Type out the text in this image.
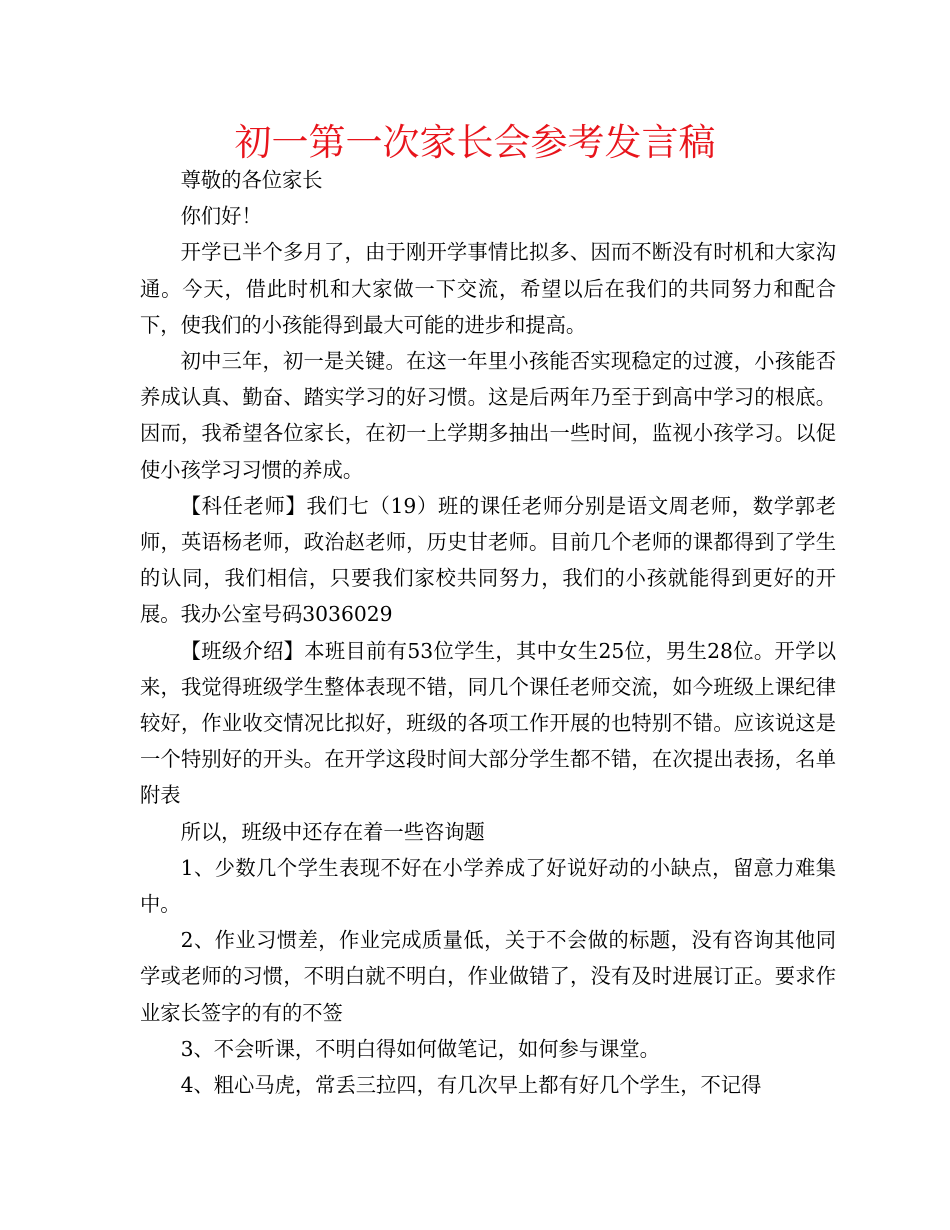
初一第一次家长会参考发言稿

尊敬的各位家长

你们好！

开学已半个多月了，由于刚开学事情比拟多、因而不断没有时机和大家沟通。今天，借此时机和大家做一下交流，希望以后在我们的共同努力和配合下，使我们的小孩能得到最大可能的进步和提高。

初中三年，初一是关键。在这一年里小孩能否实现稳定的过渡，小孩能否养成认真、勤奋、踏实学习的好习惯。这是后两年乃至于到高中学习的根底。因而，我希望各位家长，在初一上学期多抽出一些时间，监视小孩学习。以促使小孩学习习惯的养成。

【科任老师】我们七（19）班的课任老师分别是语文周老师，数学郭老师，英语杨老师，政治赵老师，历史甘老师。目前几个老师的课都得到了学生的认同，我们相信，只要我们家校共同努力，我们的小孩就能得到更好的开展。我办公室号码3036029

【班级介绍】本班目前有53位学生，其中女生25位，男生28位。开学以来，我觉得班级学生整体表现不错，同几个课任老师交流，如今班级上课纪律较好，作业收交情况比拟好，班级的各项工作开展的也特别不错。应该说这是一个特别好的开头。在开学这段时间大部分学生都不错，在次提出表扬，名单附表

所以，班级中还存在着一些咨询题

1、少数几个学生表现不好在小学养成了好说好动的小缺点，留意力难集中。

2、作业习惯差，作业完成质量低，关于不会做的标题，没有咨询其他同学或老师的习惯，不明白就不明白，作业做错了，没有及时进展订正。要求作业家长签字的有的不签

3、不会听课，不明白得如何做笔记，如何参与课堂。

4、粗心马虎，常丢三拉四，有几次早上都有好几个学生，不记得
